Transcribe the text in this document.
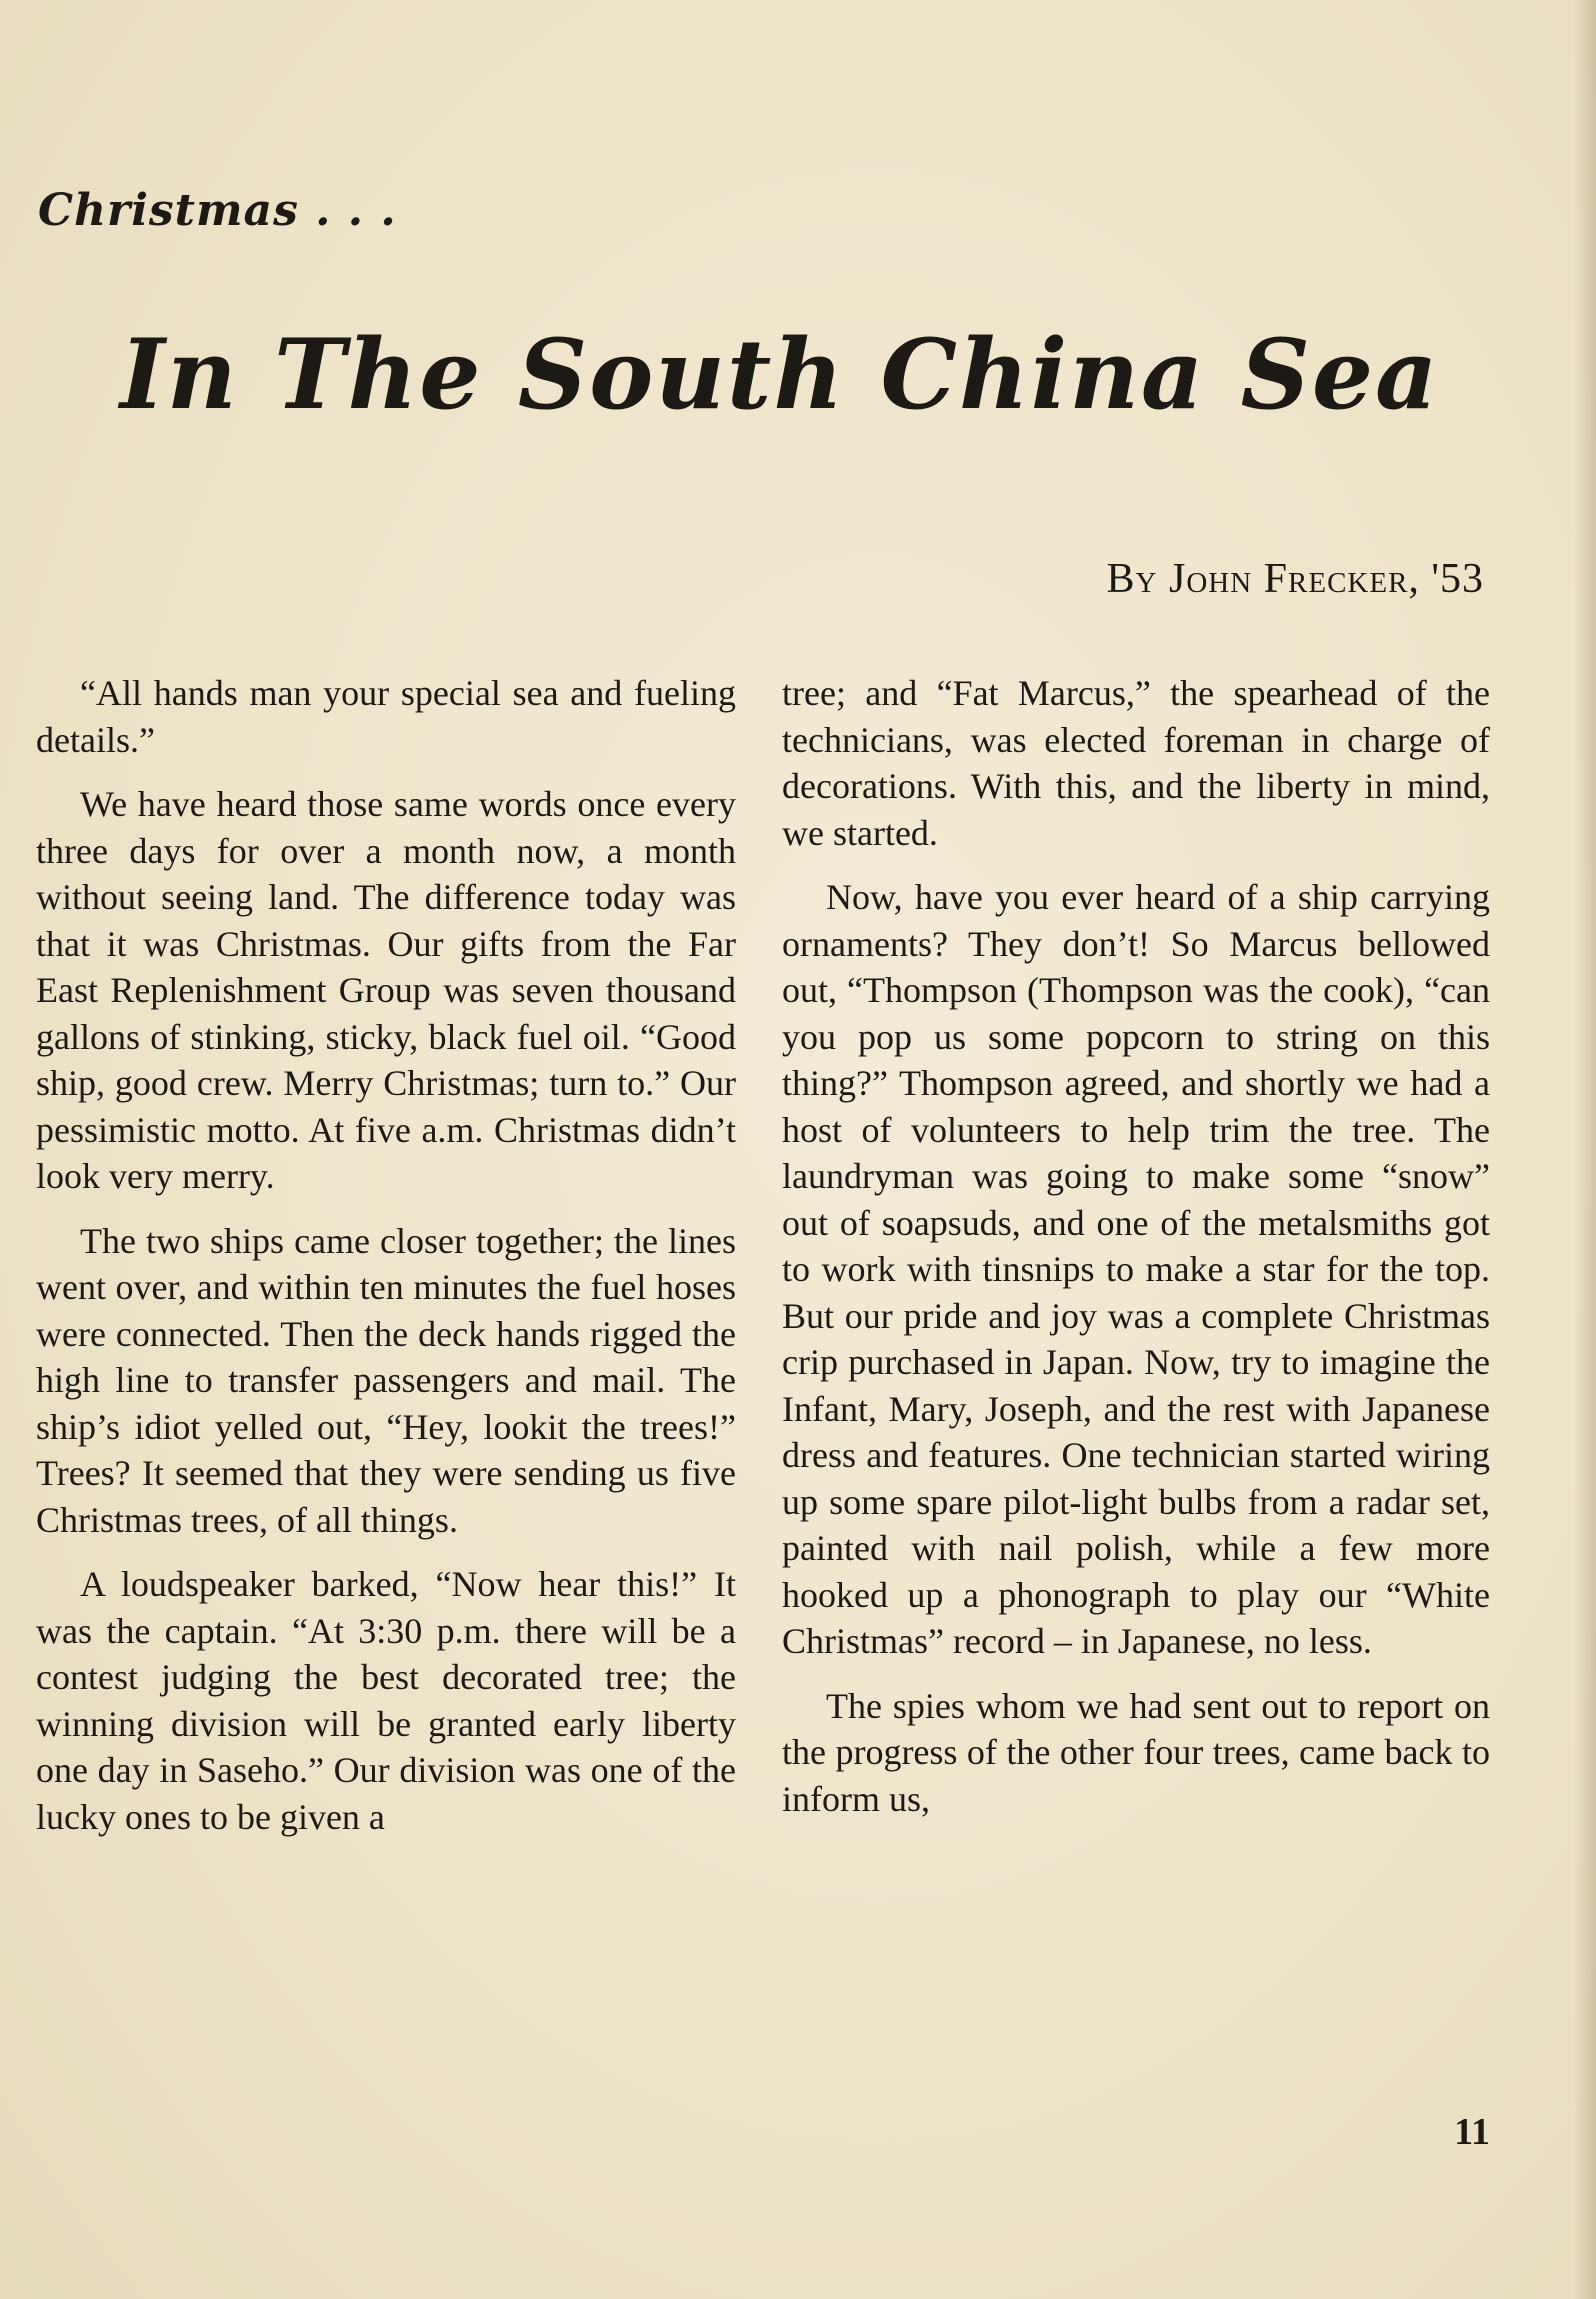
Christmas . . .
In The South China Sea
By John Frecker, '53

“All hands man your special sea and fueling details.”

We have heard those same words once every three days for over a month now, a month without seeing land. The difference today was that it was Christmas. Our gifts from the Far East Replenishment Group was seven thousand gallons of stinking, sticky, black fuel oil. “Good ship, good crew. Merry Christmas; turn to.” Our pessimistic motto. At five a.m. Christmas didn’t look very merry.

The two ships came closer together; the lines went over, and within ten minutes the fuel hoses were connected. Then the deck hands rigged the high line to transfer passengers and mail. The ship’s idiot yelled out, “Hey, lookit the trees!” Trees? It seemed that they were sending us five Christmas trees, of all things.

A loudspeaker barked, “Now hear this!” It was the captain. “At 3:30 p.m. there will be a contest judging the best decorated tree; the winning division will be granted early liberty one day in Saseho.” Our division was one of the lucky ones to be given a

tree; and “Fat Marcus,” the spearhead of the technicians, was elected foreman in charge of decorations. With this, and the liberty in mind, we started.

Now, have you ever heard of a ship carrying ornaments? They don’t! So Marcus bellowed out, “Thompson (Thompson was the cook), “can you pop us some popcorn to string on this thing?” Thompson agreed, and shortly we had a host of volunteers to help trim the tree. The laundryman was going to make some “snow” out of soapsuds, and one of the metalsmiths got to work with tinsnips to make a star for the top. But our pride and joy was a complete Christmas crip purchased in Japan. Now, try to imagine the Infant, Mary, Joseph, and the rest with Japanese dress and features. One technician started wiring up some spare pilot-light bulbs from a radar set, painted with nail polish, while a few more hooked up a phonograph to play our “White Christmas” record – in Japanese, no less.

The spies whom we had sent out to report on the progress of the other four trees, came back to inform us,

11
